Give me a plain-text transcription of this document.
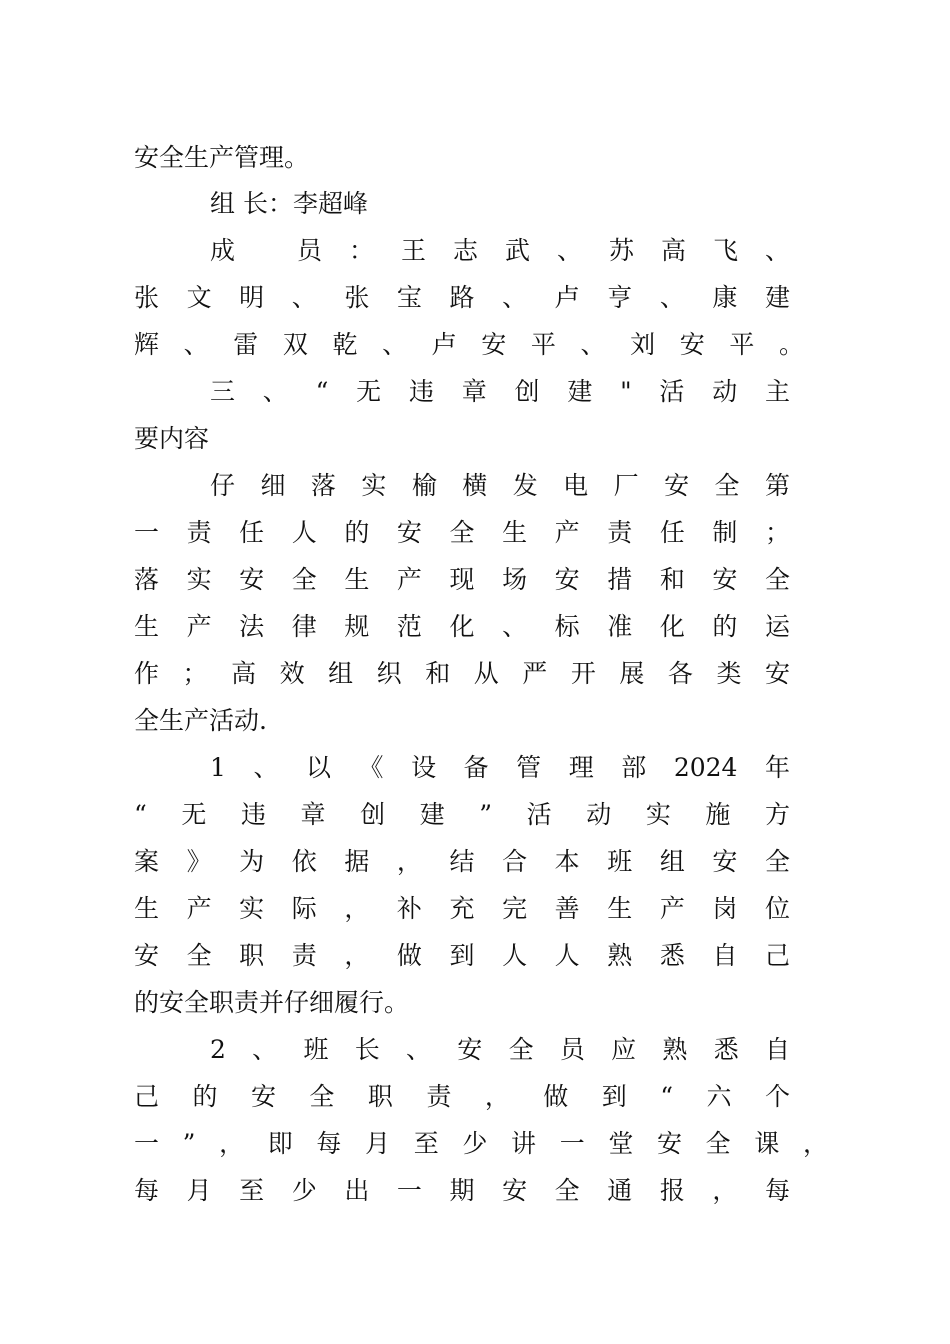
安全生产管理。
组 长：李超峰
成 员：王志武、苏高飞、
张文明、张宝路、卢亨、康建
辉、雷双乾、卢安平、刘安平。
三、“无违章创建"活动主
要内容
仔细落实榆横发电厂安全第
一责任人的安全生产责任制；
落实安全生产现场安措和安全
生产法律规范化、标准化的运
作；高效组织和从严开展各类安
全生产活动.
1、以《设备管理部2024年
“无违章创建”活动实施方
案》为依据，结合本班组安全
生产实际，补充完善生产岗位
安全职责，做到人人熟悉自己
的安全职责并仔细履行。
2、班长、安全员应熟悉自
己的安全职责，做到“六个
一”，即每月至少讲一堂安全课，
每月至少出一期安全通报，每
